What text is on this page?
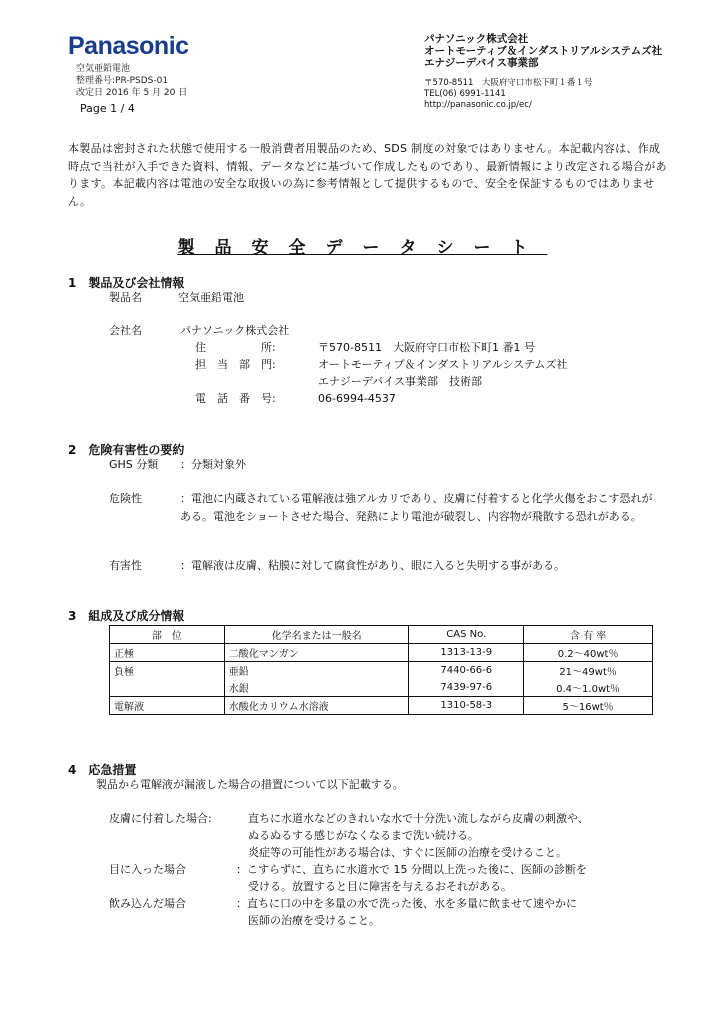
Panasonic
空気亜鉛電池
整理番号:PR-PSDS-01
改定日 2016 年 5 月 20 日
Page 1 / 4
パナソニック株式会社
オートモーティブ＆インダストリアルシステムズ社
エナジーデバイス事業部
〒570-8511　大阪府守口市松下町１番１号
TEL(06) 6991-1141
http://panasonic.co.jp/ec/
本製品は密封された状態で使用する一般消費者用製品のため、SDS 制度の対象ではありません。本記載内容は、作成時点で当社が入手できた資料、情報、データなどに基づいて作成したものであり、最新情報により改定される場合があります。本記載内容は電池の安全な取扱いの為に参考情報として提供するもので、安全を保証するものではありません。
製品安全データシート
1　製品及び会社情報
製品名	空気亜鉛電池
会社名	パナソニック株式会社
住　　　　　所:	〒570-8511　大阪府守口市松下町1 番1 号
担　当　部　門:	オートモーティブ＆インダストリアルシステムズ社
エナジーデバイス事業部　技術部
電　話　番　号:	06-6994-4537
2　危険有害性の要約
GHS 分類 ：分類対象外
危険性	：電池に内蔵されている電解液は強アルカリであり、皮膚に付着すると化学火傷をおこす恐れがある。電池をショートさせた場合、発熱により電池が破裂し、内容物が飛散する恐れがある。
有害性	：電解液は皮膚、粘膜に対して腐食性があり、眼に入ると失明する事がある。
3　組成及び成分情報
部　位	化学名または一般名	CAS No.	含 有 率
正極	二酸化マンガン	1313-13-9	0.2～40wt％
負極	亜鉛	7440-66-6	21～49wt％
	水銀	7439-97-6	0.4～1.0wt％
電解液	水酸化カリウム水溶液	1310-58-3	5～16wt％
4　応急措置
製品から電解液が漏液した場合の措置について以下記載する。
皮膚に付着した場合:	直ちに水道水などのきれいな水で十分洗い流しながら皮膚の刺激や、
ぬるぬるする感じがなくなるまで洗い続ける。
炎症等の可能性がある場合は、すぐに医師の治療を受けること。
目に入った場合	：こすらずに、直ちに水道水で 15 分間以上洗った後に、医師の診断を
受ける。放置すると目に障害を与えるおそれがある。
飲み込んだ場合	：直ちに口の中を多量の水で洗った後、水を多量に飲ませて速やかに
医師の治療を受けること。
